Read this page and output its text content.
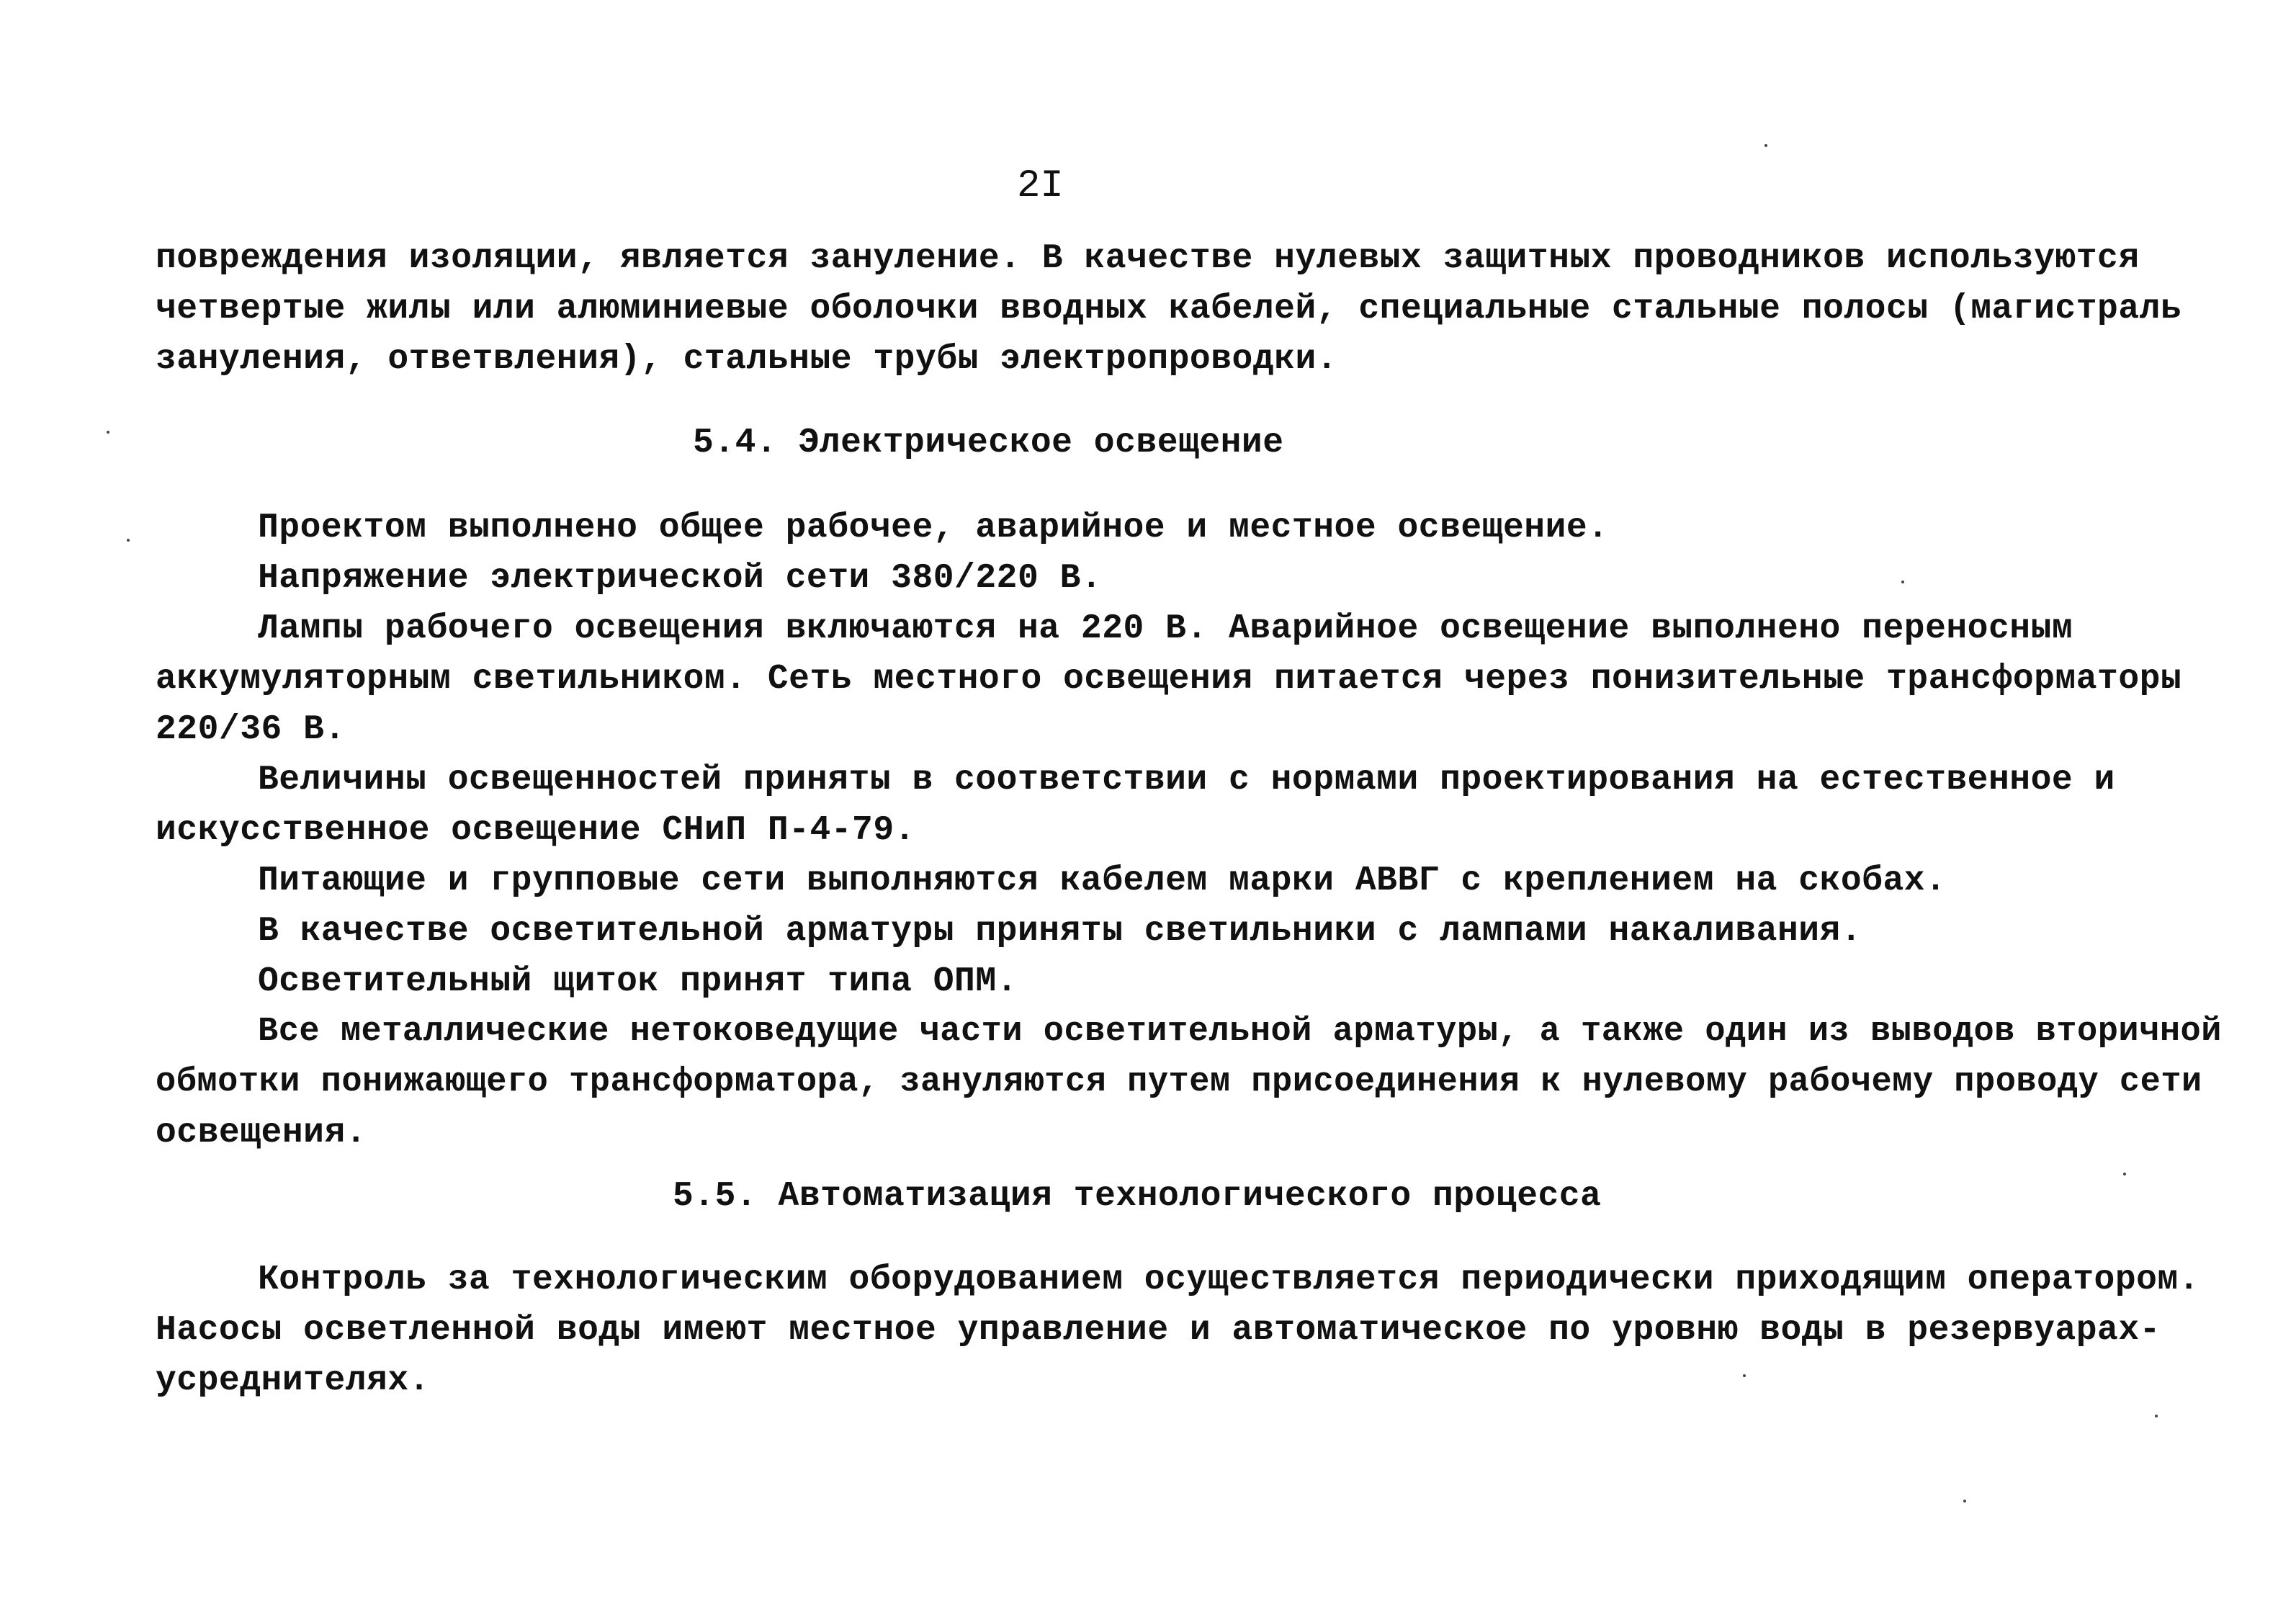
2I
повреждения изоляции, является зануление. В качестве нулевых защитных проводников используются
четвертые жилы или алюминиевые оболочки вводных кабелей, специальные стальные полосы (магистраль
зануления, ответвления), стальные трубы электропроводки.
5.4. Электрическое освещение
Проектом выполнено общее рабочее, аварийное и местное освещение.
Напряжение электрической сети 380/220 В.
Лампы рабочего освещения включаются на 220 В. Аварийное освещение выполнено переносным
аккумуляторным светильником. Сеть местного освещения питается через понизительные трансформаторы
220/36 В.
Величины освещенностей приняты в соответствии с нормами проектирования на естественное и
искусственное освещение СНиП П-4-79.
Питающие и групповые сети выполняются кабелем марки АВВГ с креплением на скобах.
В качестве осветительной арматуры приняты светильники с лампами накаливания.
Осветительный щиток принят типа ОПМ.
Все металлические нетоковедущие части осветительной арматуры, а также один из выводов вторичной
обмотки понижающего трансформатора, зануляются путем присоединения к нулевому рабочему проводу сети
освещения.
5.5. Автоматизация технологического процесса
Контроль за технологическим оборудованием осуществляется периодически приходящим оператором.
Насосы осветленной воды имеют местное управление и автоматическое по уровню воды в резервуарах-
усреднителях.
